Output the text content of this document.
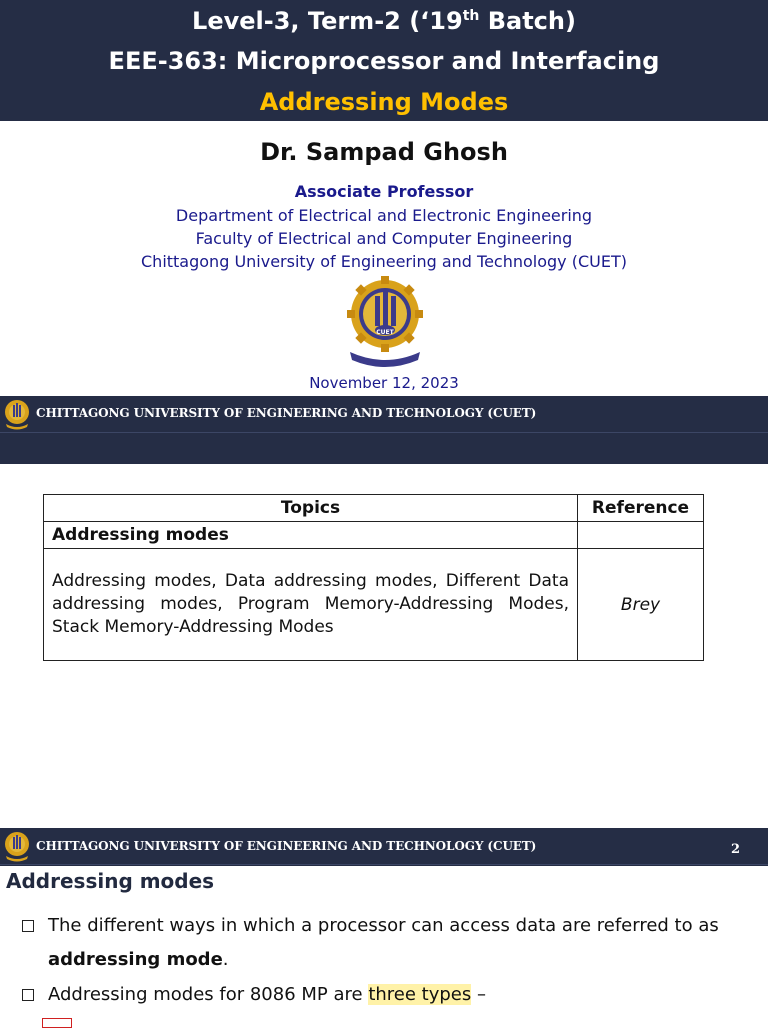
Level-3, Term-2 (‘19th Batch)
EEE-363: Microprocessor and Interfacing
Addressing Modes
Dr. Sampad Ghosh
Associate Professor
Department of Electrical and Electronic Engineering
Faculty of Electrical and Computer Engineering
Chittagong University of Engineering and Technology (CUET)
CUET
November 12, 2023
CHITTAGONG UNIVERSITY OF ENGINEERING AND TECHNOLOGY (CUET)
Topics	Reference
Addressing modes	

Addressing modes, Data addressing modes, Different Data addressing modes, Program Memory-Addressing Modes, Stack Memory-Addressing Modes	Brey
CHITTAGONG UNIVERSITY OF ENGINEERING AND TECHNOLOGY (CUET)	2
Addressing modes
The different ways in which a processor can access data are referred to as addressing mode.
Addressing modes for 8086 MP are three types –
